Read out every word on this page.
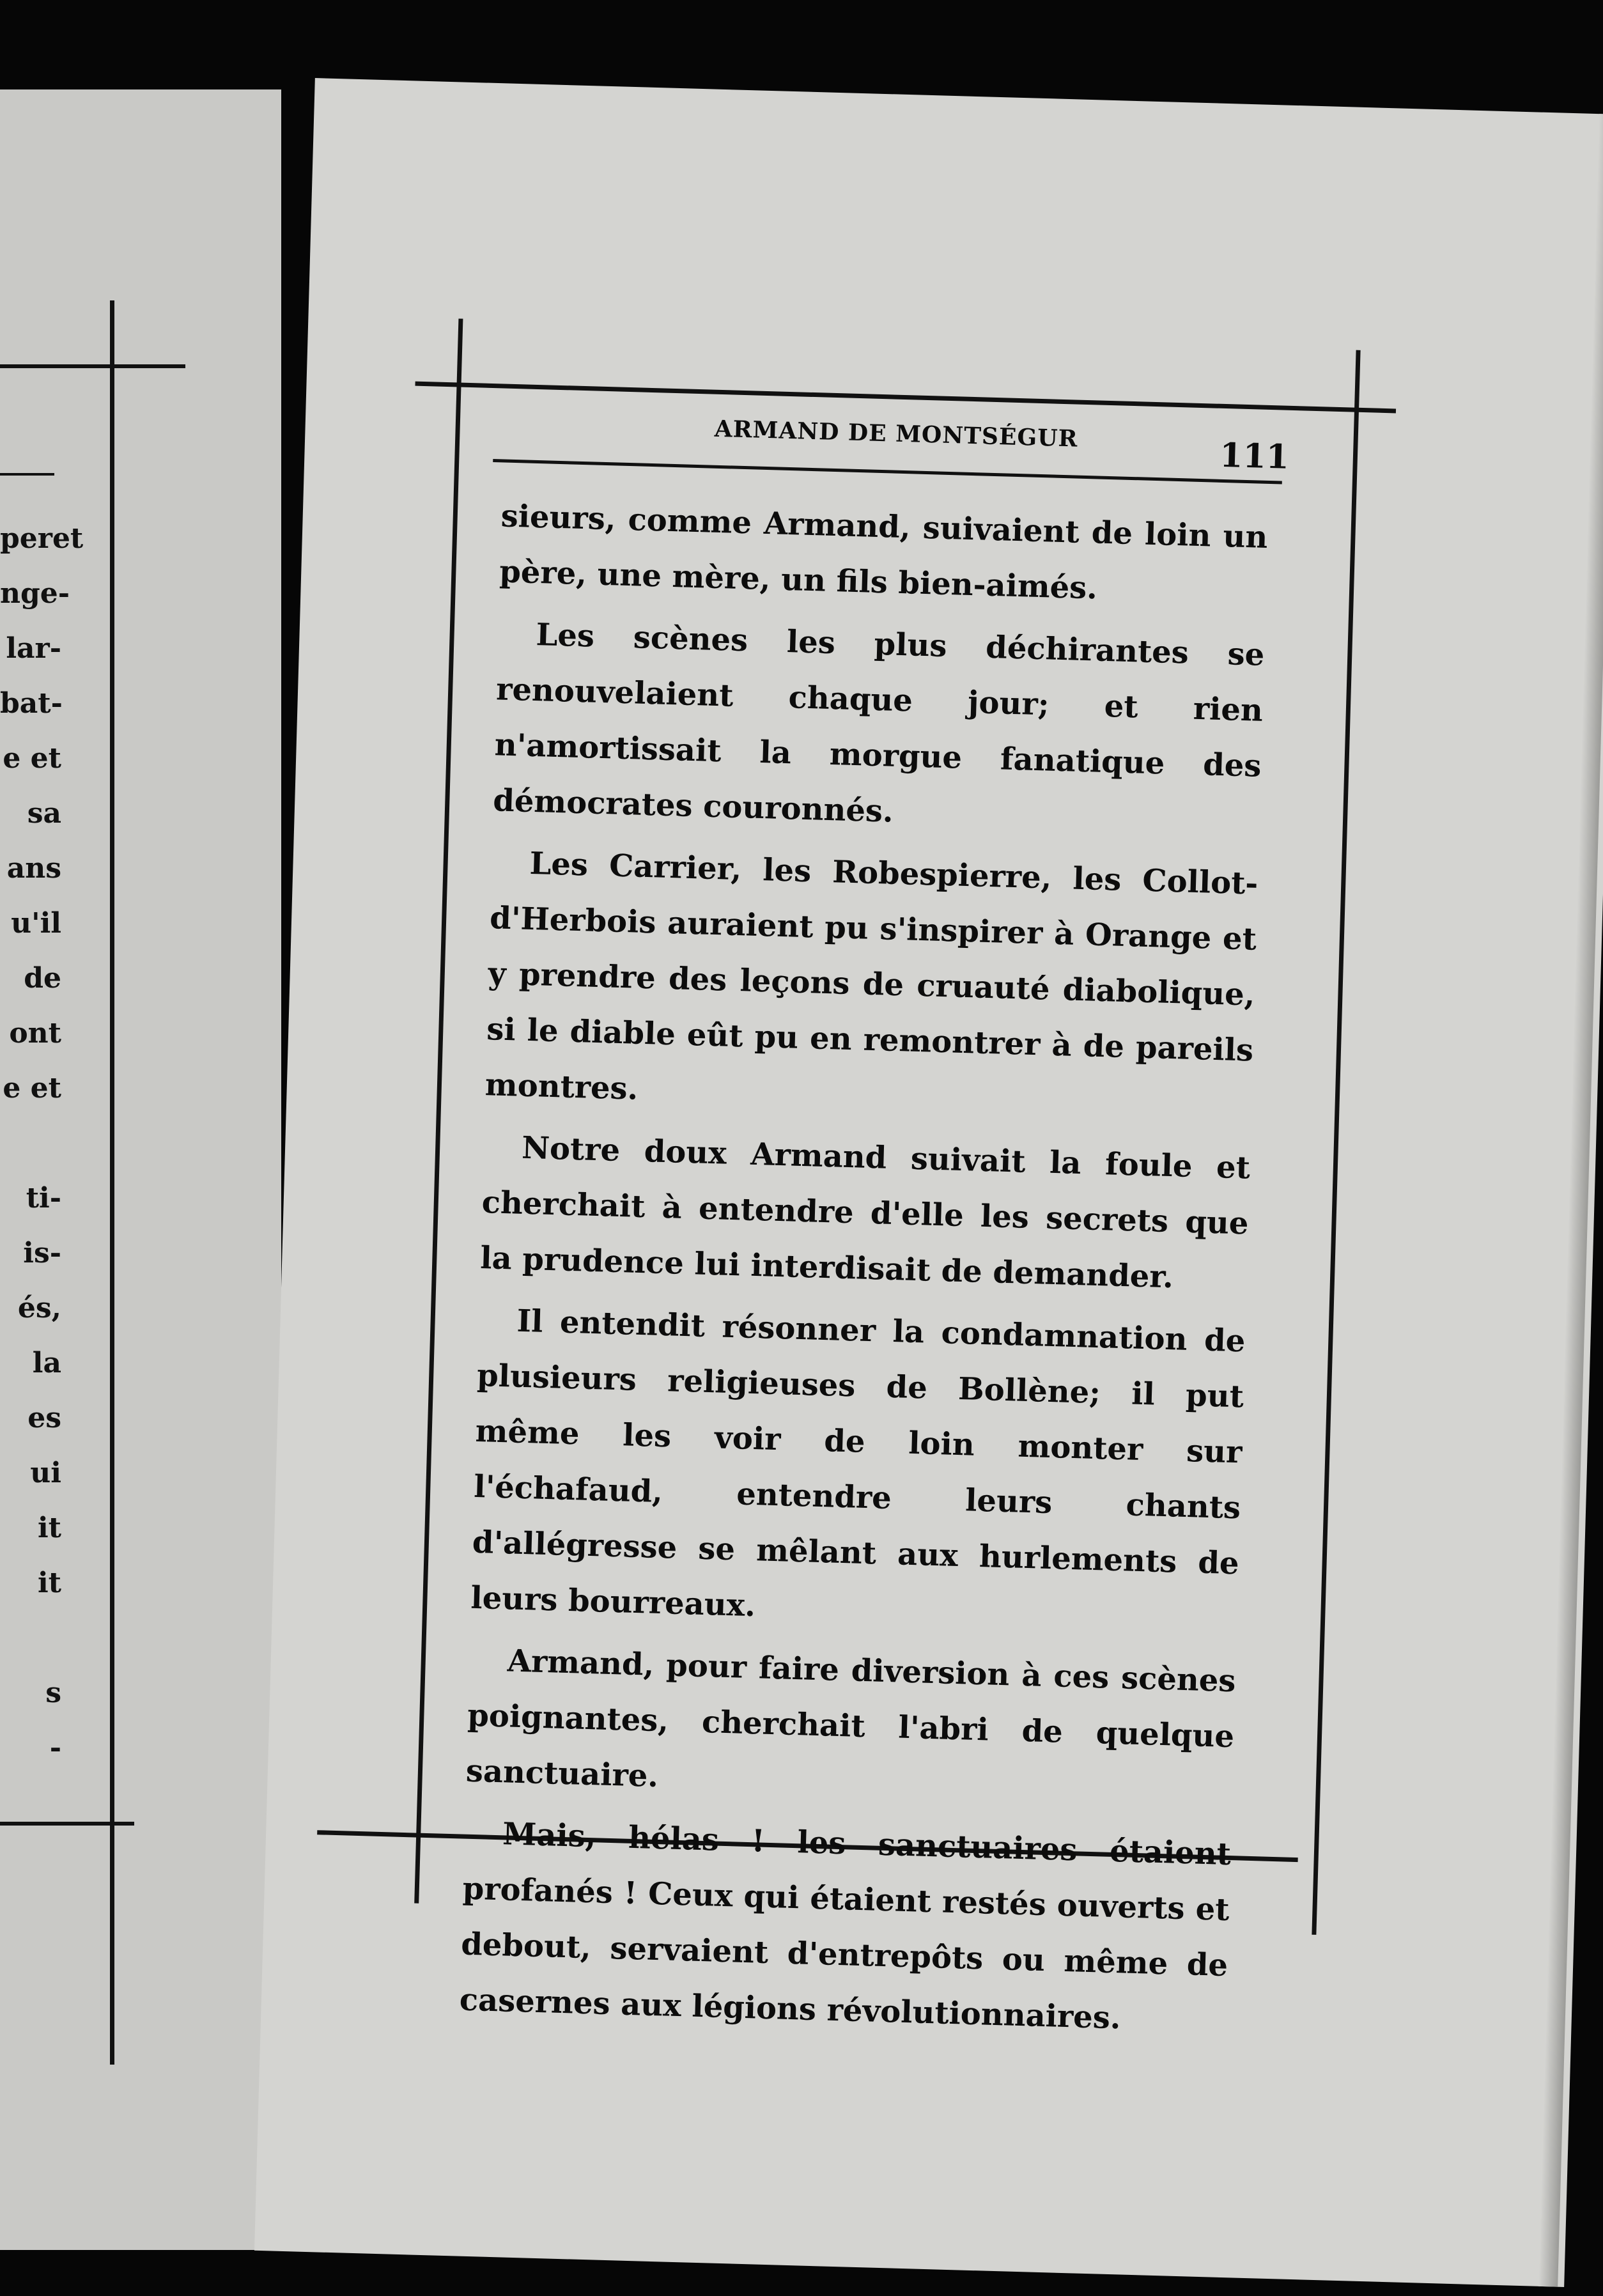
peret
nge-
lar-
bat-
e et
sa
ans
u'il
de
ont
e et
ti-
is-
és,
la
es
ui
it
it
s
-
ARMAND DE MONTSÉGUR
111

sieurs, comme Armand, suivaient de loin un père, une mère, un fils bien-aimés.

Les scènes les plus déchirantes se renouvelaient chaque jour; et rien n'amortissait la morgue fanatique des démocrates couronnés.

Les Carrier, les Robespierre, les Collot-d'Herbois auraient pu s'inspirer à Orange et y prendre des leçons de cruauté diabolique, si le diable eût pu en remontrer à de pareils montres.

Notre doux Armand suivait la foule et cherchait à entendre d'elle les secrets que la prudence lui interdisait de demander.

Il entendit résonner la condamnation de plusieurs religieuses de Bollène; il put même les voir de loin monter sur l'échafaud, entendre leurs chants d'allégresse se mêlant aux hurlements de leurs bourreaux.

Armand, pour faire diversion à ces scènes poignantes, cherchait l'abri de quelque sanctuaire.

Mais, hélas ! les sanctuaires étaient profanés ! Ceux qui étaient restés ouverts et debout, servaient d'entrepôts ou même de casernes aux légions révolutionnaires.
